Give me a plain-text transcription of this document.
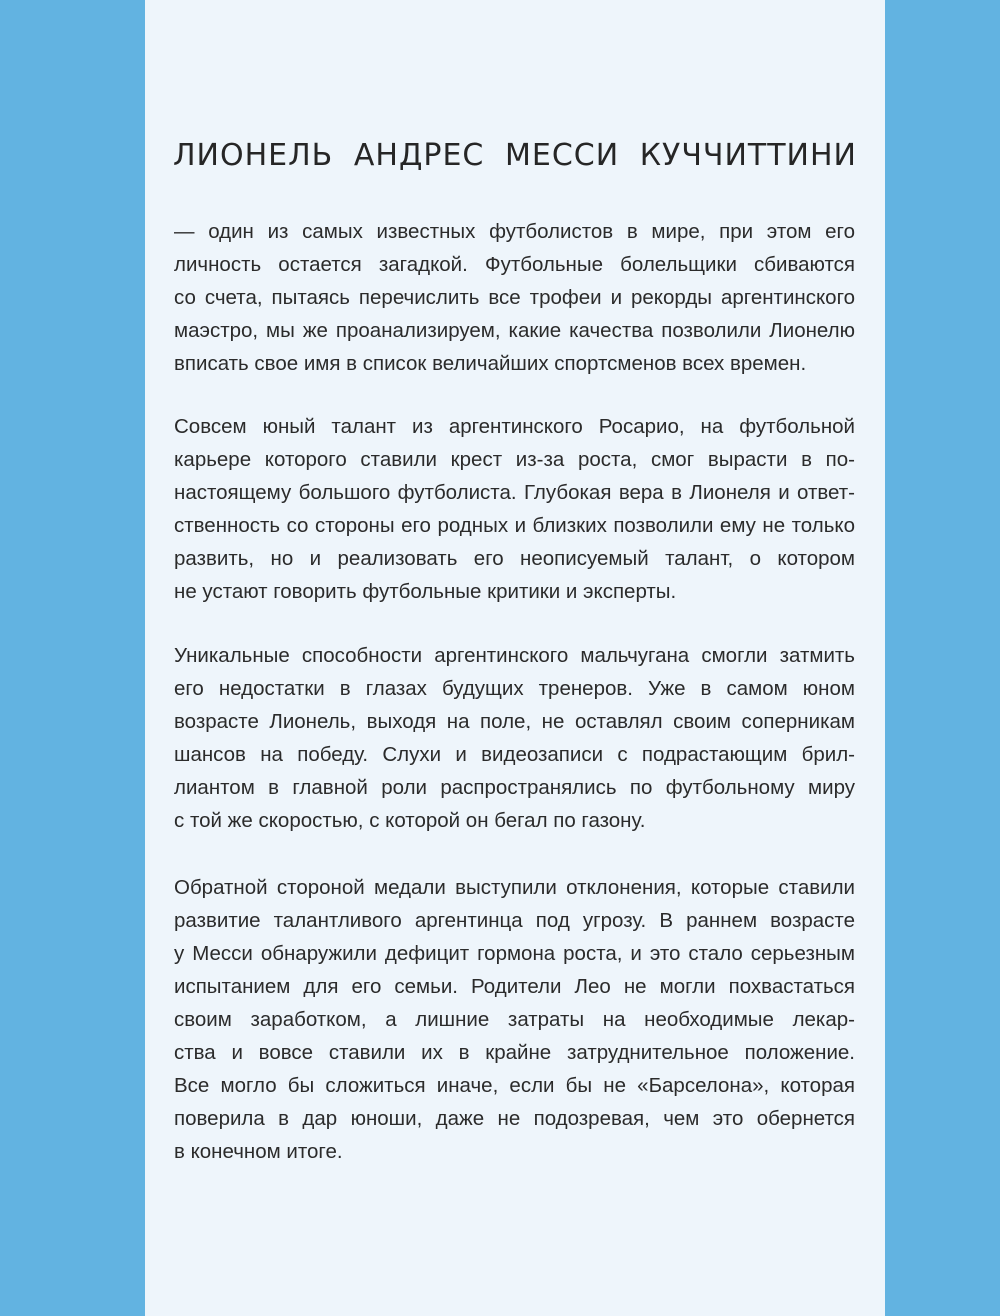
ЛИОНЕЛЬ АНДРЕС МЕССИ КУЧЧИТТИНИ
— один из самых известных футболистов в мире, при этом его
личность остается загадкой. Футбольные болельщики сбиваются
со счета, пытаясь перечислить все трофеи и рекорды аргентинского
маэстро, мы же проанализируем, какие качества позволили Лионелю
вписать свое имя в список величайших спортсменов всех времен.
Совсем юный талант из аргентинского Росарио, на футбольной
карьере которого ставили крест из-за роста, смог вырасти в по-
настоящему большого футболиста. Глубокая вера в Лионеля и ответ-
ственность со стороны его родных и близких позволили ему не только
развить, но и реализовать его неописуемый талант, о котором
не устают говорить футбольные критики и эксперты.
Уникальные способности аргентинского мальчугана смогли затмить
его недостатки в глазах будущих тренеров. Уже в самом юном
возрасте Лионель, выходя на поле, не оставлял своим соперникам
шансов на победу. Слухи и видеозаписи с подрастающим брил-
лиантом в главной роли распространялись по футбольному миру
с той же скоростью, с которой он бегал по газону.
Обратной стороной медали выступили отклонения, которые ставили
развитие талантливого аргентинца под угрозу. В раннем возрасте
у Месси обнаружили дефицит гормона роста, и это стало серьезным
испытанием для его семьи. Родители Лео не могли похвастаться
своим заработком, а лишние затраты на необходимые лекар-
ства и вовсе ставили их в крайне затруднительное положение.
Все могло бы сложиться иначе, если бы не «Барселона», которая
поверила в дар юноши, даже не подозревая, чем это обернется
в конечном итоге.
